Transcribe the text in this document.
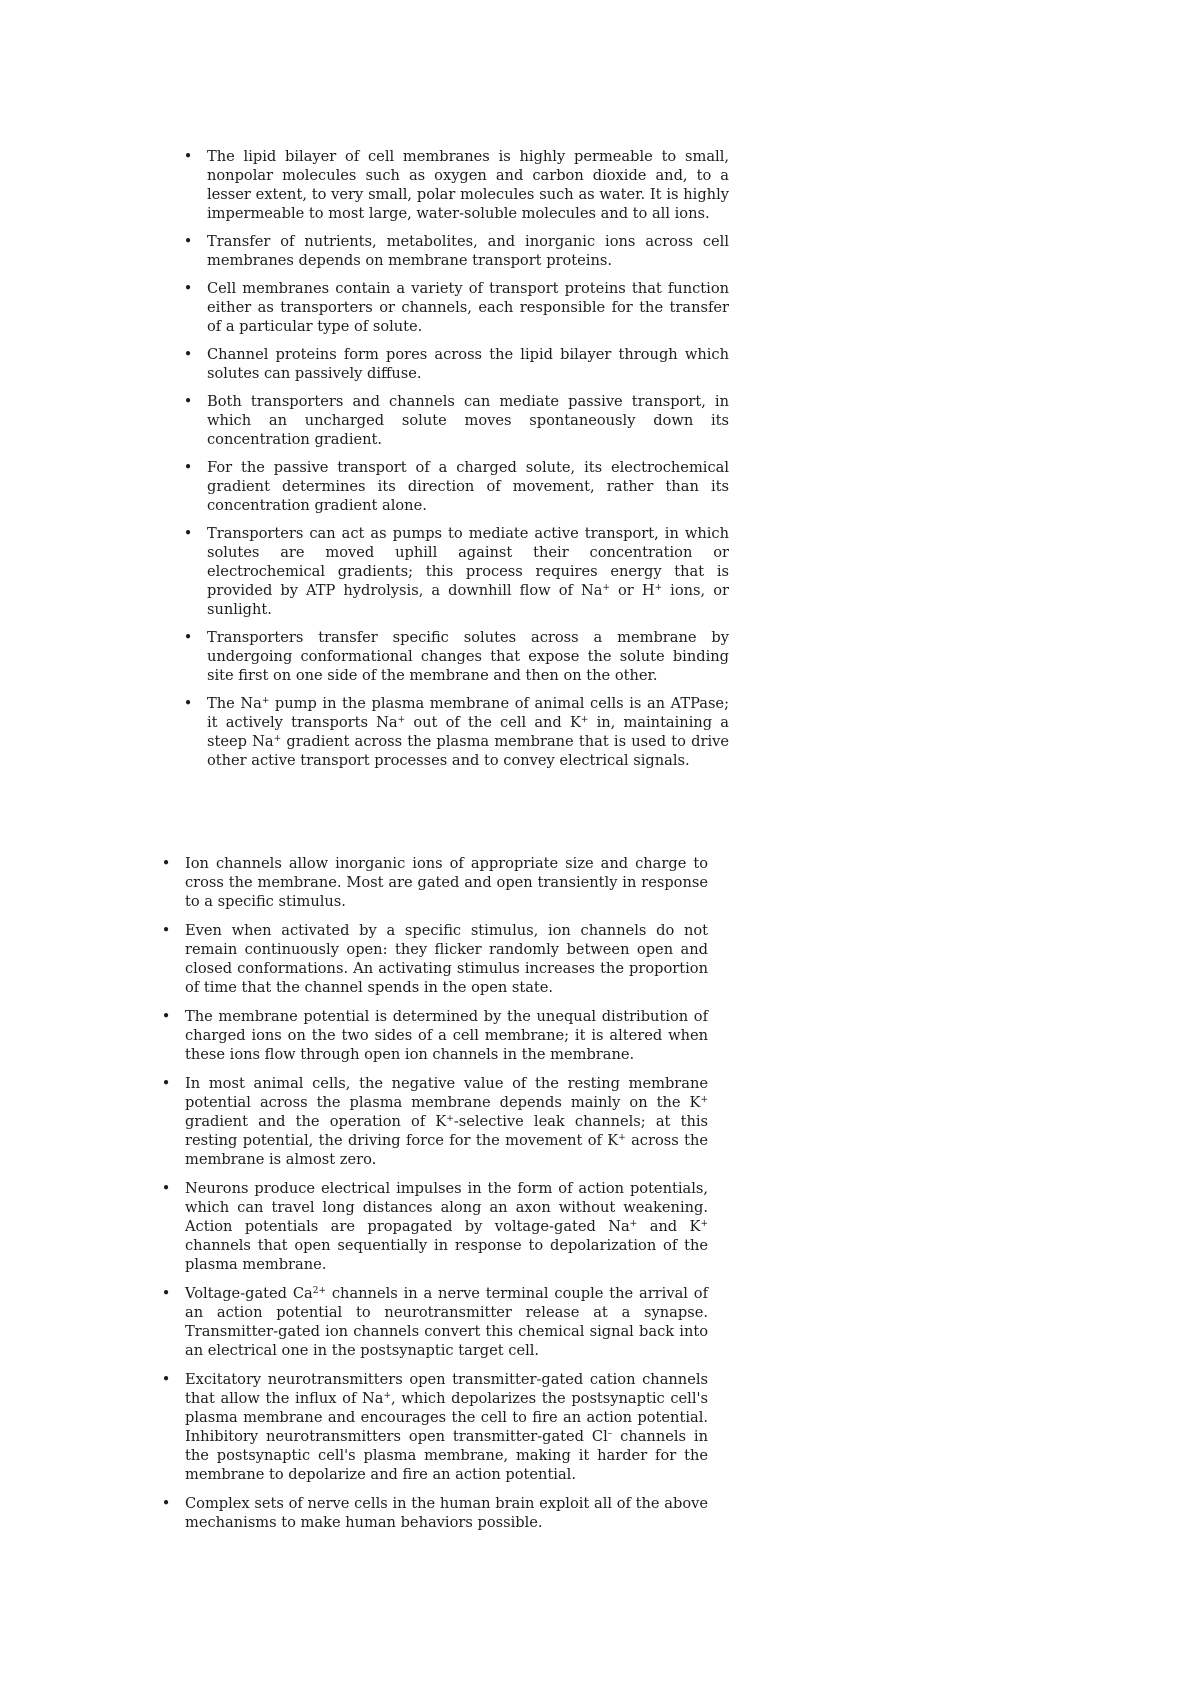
• The lipid bilayer of cell membranes is highly permeable to small, nonpolar molecules such as oxygen and carbon dioxide and, to a lesser extent, to very small, polar molecules such as water. It is highly impermeable to most large, water-soluble molecules and to all ions.
• Transfer of nutrients, metabolites, and inorganic ions across cell membranes depends on membrane transport proteins.
• Cell membranes contain a variety of transport proteins that function either as transporters or channels, each responsible for the transfer of a particular type of solute.
• Channel proteins form pores across the lipid bilayer through which solutes can passively diffuse.
• Both transporters and channels can mediate passive transport, in which an uncharged solute moves spontaneously down its concentration gradient.
• For the passive transport of a charged solute, its electrochemical gradient determines its direction of movement, rather than its concentration gradient alone.
• Transporters can act as pumps to mediate active transport, in which solutes are moved uphill against their concentration or electrochemical gradients; this process requires energy that is provided by ATP hydrolysis, a downhill flow of Na+ or H+ ions, or sunlight.
• Transporters transfer specific solutes across a membrane by undergoing conformational changes that expose the solute binding site first on one side of the membrane and then on the other.
• The Na+ pump in the plasma membrane of animal cells is an ATPase; it actively transports Na+ out of the cell and K+ in, maintaining a steep Na+ gradient across the plasma membrane that is used to drive other active transport processes and to convey electrical signals.
• Ion channels allow inorganic ions of appropriate size and charge to cross the membrane. Most are gated and open transiently in response to a specific stimulus.
• Even when activated by a specific stimulus, ion channels do not remain continuously open: they flicker randomly between open and closed conformations. An activating stimulus increases the proportion of time that the channel spends in the open state.
• The membrane potential is determined by the unequal distribution of charged ions on the two sides of a cell membrane; it is altered when these ions flow through open ion channels in the membrane.
• In most animal cells, the negative value of the resting membrane potential across the plasma membrane depends mainly on the K+ gradient and the operation of K+-selective leak channels; at this resting potential, the driving force for the movement of K+ across the membrane is almost zero.
• Neurons produce electrical impulses in the form of action potentials, which can travel long distances along an axon without weakening. Action potentials are propagated by voltage-gated Na+ and K+ channels that open sequentially in response to depolarization of the plasma membrane.
• Voltage-gated $Ca^{2+}$ channels in a nerve terminal couple the arrival of an action potential to neurotransmitter release at a synapse. Transmitter-gated ion channels convert this chemical signal back into an electrical one in the postsynaptic target cell.
• Excitatory neurotransmitters open transmitter-gated cation channels that allow the influx of Na+, which depolarizes the postsynaptic cell's plasma membrane and encourages the cell to fire an action potential. Inhibitory neurotransmitters open transmitter-gated Cl– channels in the postsynaptic cell's plasma membrane, making it harder for the membrane to depolarize and fire an action potential.
• Complex sets of nerve cells in the human brain exploit all of the above mechanisms to make human behaviors possible.
